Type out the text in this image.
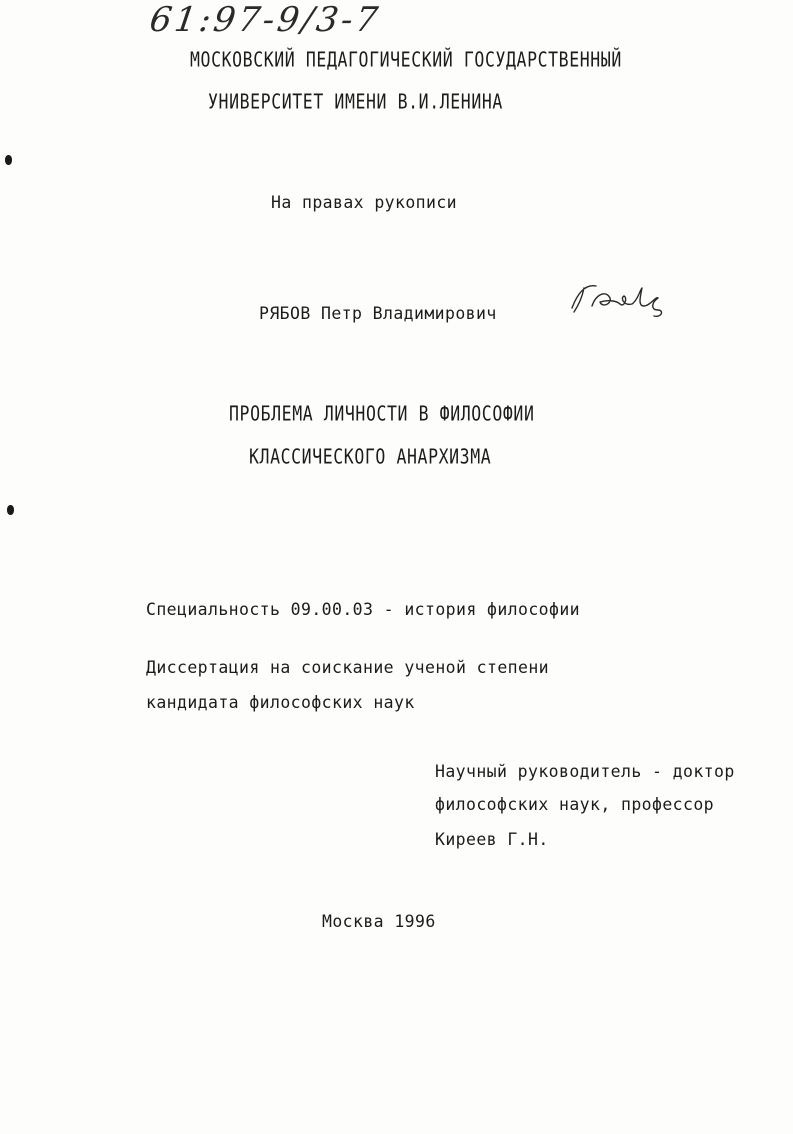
61:97-9/3-7
МОСКОВСКИЙ ПЕДАГОГИЧЕСКИЙ ГОСУДАРСТВЕННЫЙ
УНИВЕРСИТЕТ ИМЕНИ В.И.ЛЕНИНА
На правах рукописи
РЯБОВ Петр Владимирович
ПРОБЛЕМА ЛИЧНОСТИ В ФИЛОСОФИИ
КЛАССИЧЕСКОГО АНАРХИЗМА
Специальность 09.00.03 - история философии
Диссертация на соискание ученой степени
кандидата философских наук
Научный руководитель - доктор
философских наук, профессор
Киреев Г.Н.
Москва 1996
